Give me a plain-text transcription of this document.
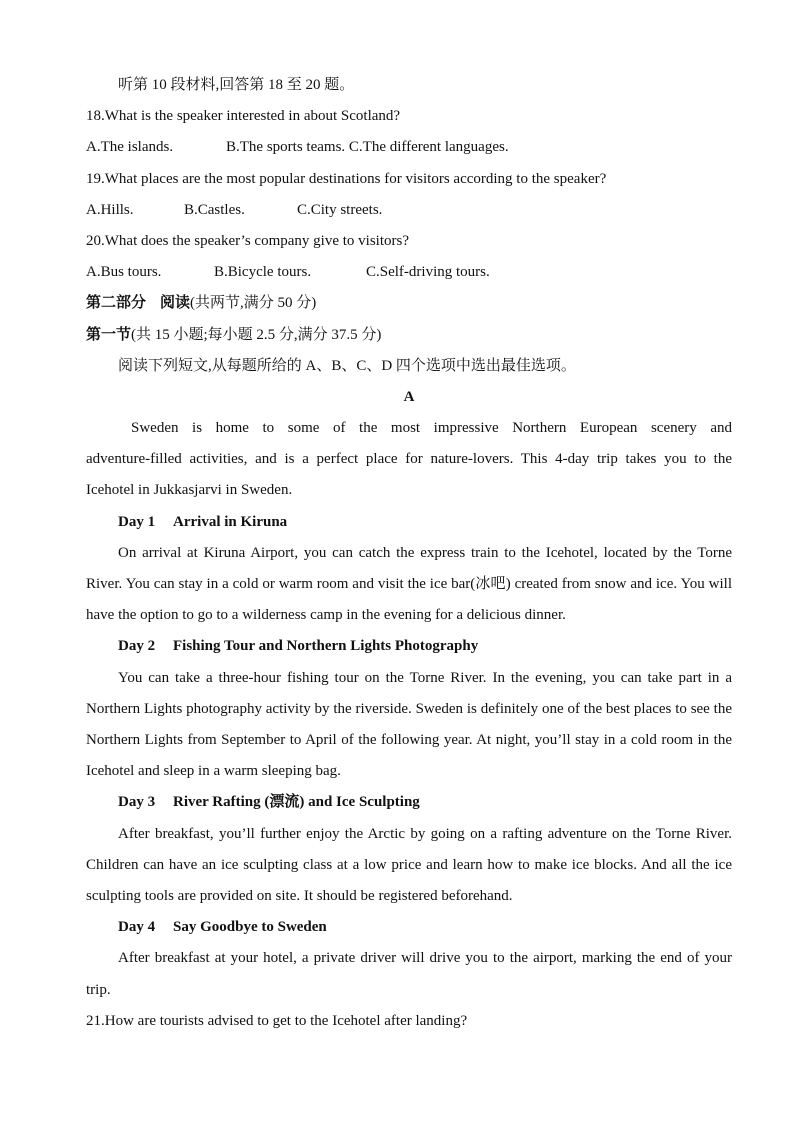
听第 10 段材料,回答第 18 至 20 题。
18.What is the speaker interested in about Scotland?
A.The islands.	B.The sports teams. C.The different languages.
19.What places are the most popular destinations for visitors according to the speaker?
A.Hills.	B.Castles.	C.City streets.
20.What does the speaker’s company give to visitors?
A.Bus tours.	B.Bicycle tours.	C.Self-driving tours.
第二部分 阅读(共两节,满分 50 分)
第一节(共 15 小题;每小题 2.5 分,满分 37.5 分)
阅读下列短文,从每题所给的 A、B、C、D 四个选项中选出最佳选项。
A
Sweden is home to some of the most impressive Northern European scenery and
adventure-filled activities, and is a perfect place for nature-lovers. This 4-day trip takes you to the
Icehotel in Jukkasjarvi in Sweden.
Day 1 Arrival in Kiruna
On arrival at Kiruna Airport, you can catch the express train to the Icehotel, located by the Torne River. You can stay in a cold or warm room and visit the ice bar(冰吧) created from snow and ice. You will have the option to go to a wilderness camp in the evening for a delicious dinner.
Day 2 Fishing Tour and Northern Lights Photography
You can take a three-hour fishing tour on the Torne River. In the evening, you can take part in a Northern Lights photography activity by the riverside. Sweden is definitely one of the best places to see the Northern Lights from September to April of the following year. At night, you’ll stay in a cold room in the Icehotel and sleep in a warm sleeping bag.
Day 3 River Rafting (漂流) and Ice Sculpting
After breakfast, you’ll further enjoy the Arctic by going on a rafting adventure on the Torne River. Children can have an ice sculpting class at a low price and learn how to make ice blocks. And all the ice sculpting tools are provided on site. It should be registered beforehand.
Day 4 Say Goodbye to Sweden
After breakfast at your hotel, a private driver will drive you to the airport, marking the end of your trip.
21.How are tourists advised to get to the Icehotel after landing?
